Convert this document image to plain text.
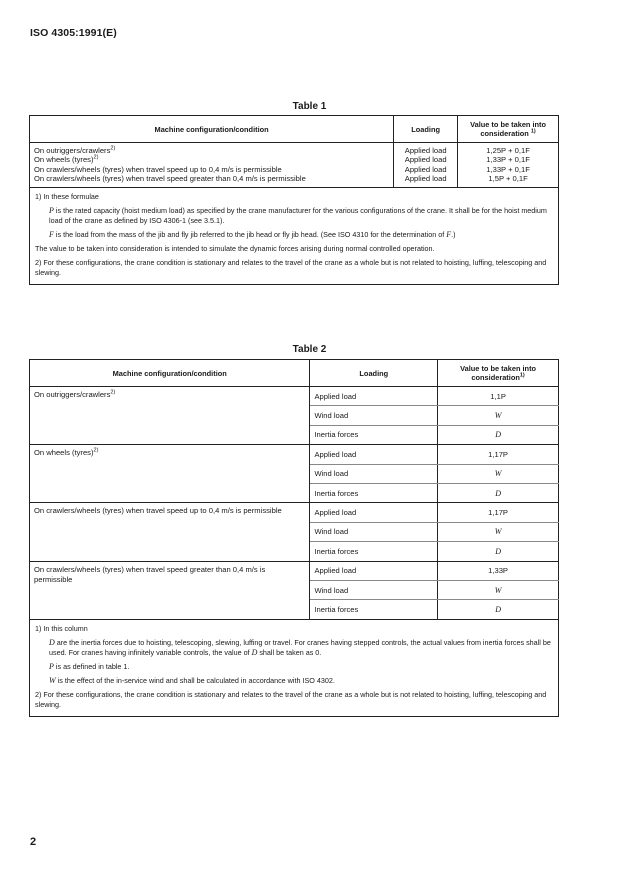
ISO 4305:1991(E)
Table 1
Machine configuration/condition	Loading	Value to be taken into consideration $^{1)}$
On outriggers/crawlers$^{2)}$	Applied load	1,25P + 0,1F
On wheels (tyres)$^{2)}$	Applied load	1,33P + 0,1F
On crawlers/wheels (tyres) when travel speed up to 0,4 m/s is permissible	Applied load	1,33P + 0,1F
On crawlers/wheels (tyres) when travel speed greater than 0,4 m/s is permissible	Applied load	1,5P + 0,1F

1) In these formulae

P is the rated capacity (hoist medium load) as specified by the crane manufacturer for the various configurations of the crane. It shall be for the hoist medium load of the crane as defined by ISO 4306-1 (see 3.5.1).

F is the load from the mass of the jib and fly jib referred to the jib head or fly jib head. (See ISO 4310 for the determination of F.)

The value to be taken into consideration is intended to simulate the dynamic forces arising during normal controlled operation.

2) For these configurations, the crane condition is stationary and relates to the travel of the crane as a whole but is not related to hoisting, luffing, telescoping and slewing.		

Table 2
Machine configuration/condition	Loading	Value to be taken into consideration$^{1)}$
On outriggers/crawlers$^{2)}$	Applied load	1,1P
	Wind load	W
	Inertia forces	D
On wheels (tyres)$^{2)}$	Applied load	1,17P
	Wind load	W
	Inertia forces	D
On crawlers/wheels (tyres) when travel speed up to 0,4 m/s is permissible	Applied load	1,17P
	Wind load	W
	Inertia forces	D
On crawlers/wheels (tyres) when travel speed greater than 0,4 m/s is permissible	Applied load	1,33P
	Wind load	W
	Inertia forces	D

1) In this column

D are the inertia forces due to hoisting, telescoping, slewing, luffing or travel. For cranes having stepped controls, the actual values from inertia forces shall be used. For cranes having infinitely variable controls, the value of D shall be taken as 0.

P is as defined in table 1.

W is the effect of the in-service wind and shall be calculated in accordance with ISO 4302.

2) For these configurations, the crane condition is stationary and relates to the travel of the crane as a whole but is not related to hoisting, luffing, telescoping and slewing.		

2
